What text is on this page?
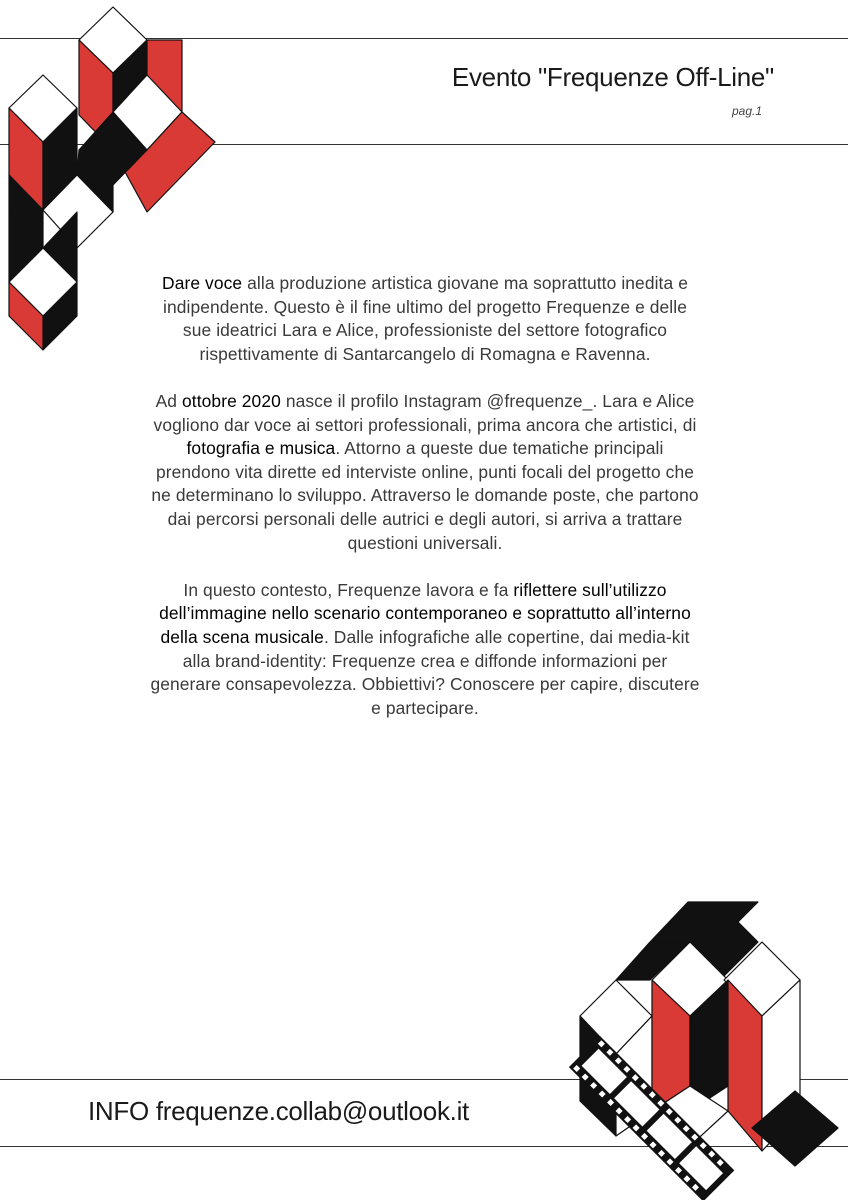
Evento "Frequenze Off-Line"
pag.1

Dare voce alla produzione artistica giovane ma soprattutto inedita e indipendente. Questo è il fine ultimo del progetto Frequenze e delle sue ideatrici Lara e Alice, professioniste del settore fotografico rispettivamente di Santarcangelo di Romagna e Ravenna.

Ad ottobre 2020 nasce il profilo Instagram @frequenze_. Lara e Alice vogliono dar voce ai settori professionali, prima ancora che artistici, di fotografia e musica. Attorno a queste due tematiche principali prendono vita dirette ed interviste online, punti focali del progetto che ne determinano lo sviluppo. Attraverso le domande poste, che partono dai percorsi personali delle autrici e degli autori, si arriva a trattare questioni universali.

In questo contesto, Frequenze lavora e fa riflettere sull’utilizzo dell’immagine nello scenario contemporaneo e soprattutto all’interno della scena musicale. Dalle infografiche alle copertine, dai media-kit alla brand-identity: Frequenze crea e diffonde informazioni per generare consapevolezza. Obbiettivi? Conoscere per capire, discutere e partecipare.

INFO frequenze.collab@outlook.it
